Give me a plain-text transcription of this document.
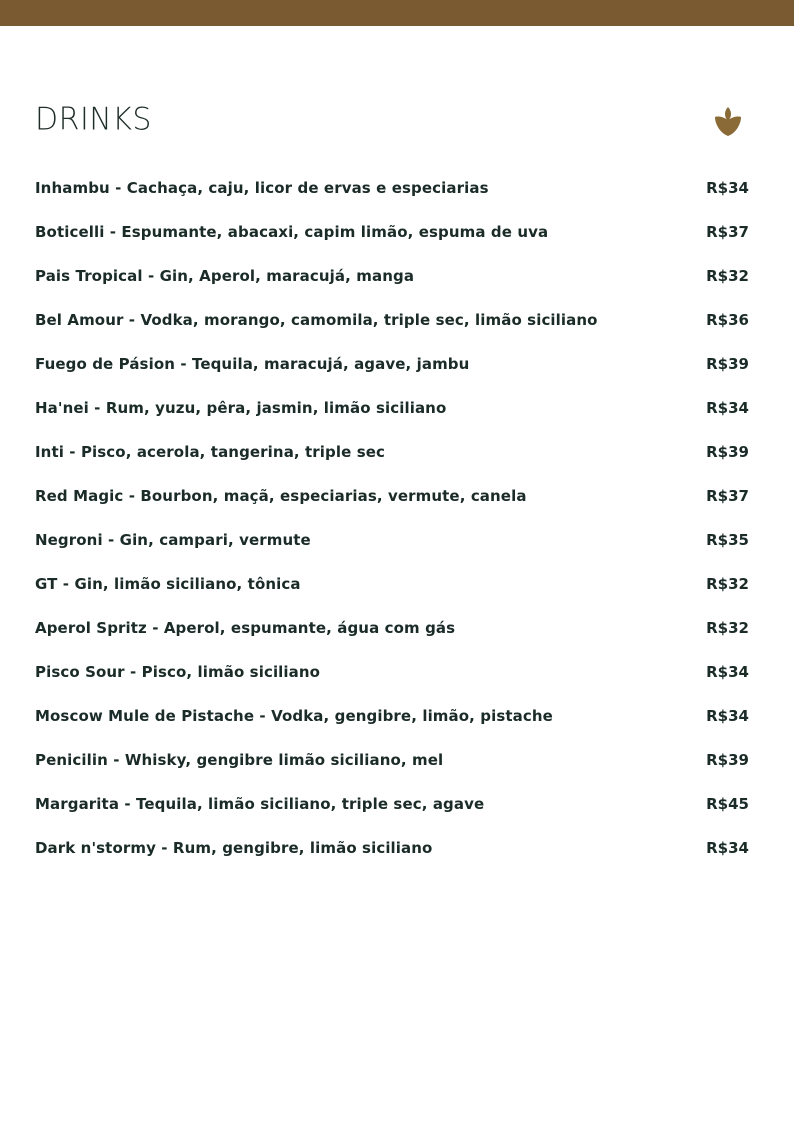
DRINKS
Inhambu - Cachaça, caju, licor de ervas e especiarias	R$34
Boticelli - Espumante, abacaxi, capim limão, espuma de uva	R$37
Pais Tropical - Gin, Aperol, maracujá, manga	R$32
Bel Amour - Vodka, morango, camomila, triple sec, limão siciliano	R$36
Fuego de Pásion - Tequila, maracujá, agave, jambu	R$39
Ha'nei - Rum, yuzu, pêra, jasmin, limão siciliano	R$34
Inti - Pisco, acerola, tangerina, triple sec	R$39
Red Magic - Bourbon, maçã, especiarias, vermute, canela	R$37
Negroni - Gin, campari, vermute	R$35
GT - Gin, limão siciliano, tônica	R$32
Aperol Spritz - Aperol, espumante, água com gás	R$32
Pisco Sour - Pisco, limão siciliano	R$34
Moscow Mule de Pistache - Vodka, gengibre, limão, pistache	R$34
Penicilin - Whisky, gengibre limão siciliano, mel	R$39
Margarita - Tequila, limão siciliano, triple sec, agave	R$45
Dark n'stormy - Rum, gengibre, limão siciliano	R$34
